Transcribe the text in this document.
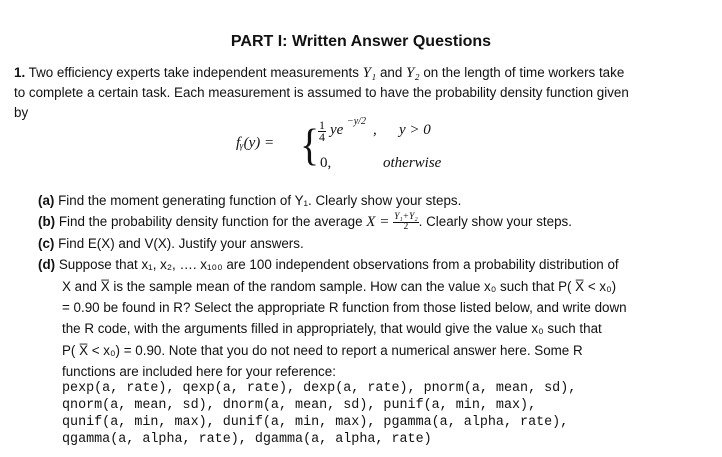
PART I: Written Answer Questions
1. Two efficiency experts take independent measurements Y₁ and Y₂ on the length of time workers take
to complete a certain task. Each measurement is assumed to have the probability density function given
by
fᵧ(y) = {
$\frac{1}{4}$ ye
−y/2
, y > 0
0,	otherwise
(a) Find the moment generating function of Y₁. Clearly show your steps.
(b) Find the probability density function for the average $X = \frac{\text{Y₁+Y₂}}{2}$ . Clearly show your steps.
(c) Find E(X) and V(X). Justify your answers.
(d) Suppose that x₁, x₂, …. x₁₀₀ are 100 independent observations from a probability distribution of
X and X̅ is the sample mean of the random sample. How can the value x₀ such that P( X̅ < x₀)
= 0.90 be found in R? Select the appropriate R function from those listed below, and write down
the R code, with the arguments filled in appropriately, that would give the value x₀ such that
P( X̅ < x₀) = 0.90. Note that you do not need to report a numerical answer here. Some R
functions are included here for your reference:
pexp(a, rate), qexp(a, rate), dexp(a, rate), pnorm(a, mean, sd),
qnorm(a, mean, sd), dnorm(a, mean, sd), punif(a, min, max),
qunif(a, min, max), dunif(a, min, max), pgamma(a, alpha, rate),
qgamma(a, alpha, rate), dgamma(a, alpha, rate)
